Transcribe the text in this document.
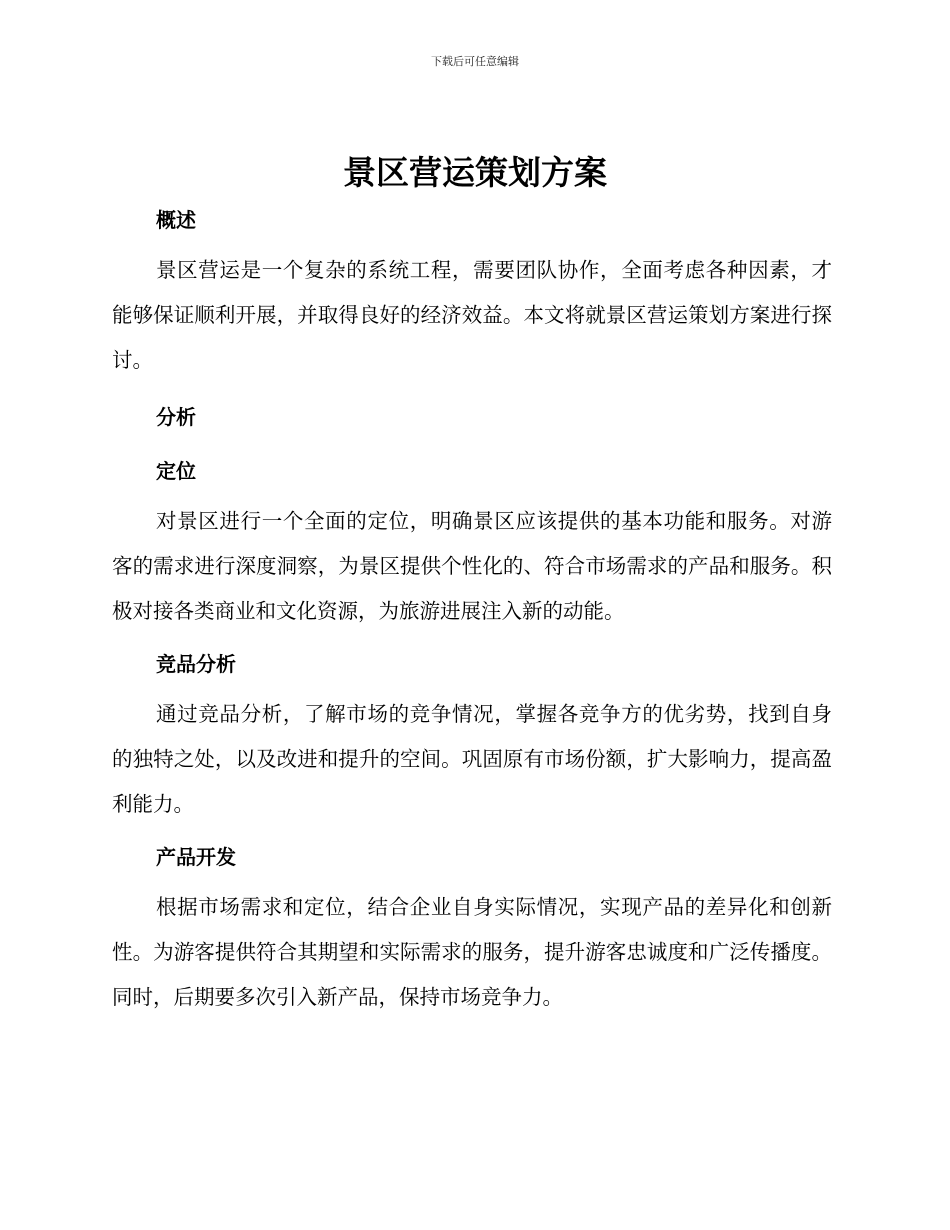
下载后可任意编辑
景区营运策划方案
概述

景区营运是一个复杂的系统工程，需要团队协作，全面考虑各种因素，才能够保证顺利开展，并取得良好的经济效益。本文将就景区营运策划方案进行探讨。

分析
定位

对景区进行一个全面的定位，明确景区应该提供的基本功能和服务。对游客的需求进行深度洞察，为景区提供个性化的、符合市场需求的产品和服务。积极对接各类商业和文化资源，为旅游进展注入新的动能。

竞品分析

通过竞品分析，了解市场的竞争情况，掌握各竞争方的优劣势，找到自身的独特之处，以及改进和提升的空间。巩固原有市场份额，扩大影响力，提高盈利能力。

产品开发

根据市场需求和定位，结合企业自身实际情况，实现产品的差异化和创新性。为游客提供符合其期望和实际需求的服务，提升游客忠诚度和广泛传播度。同时，后期要多次引入新产品，保持市场竞争力。
